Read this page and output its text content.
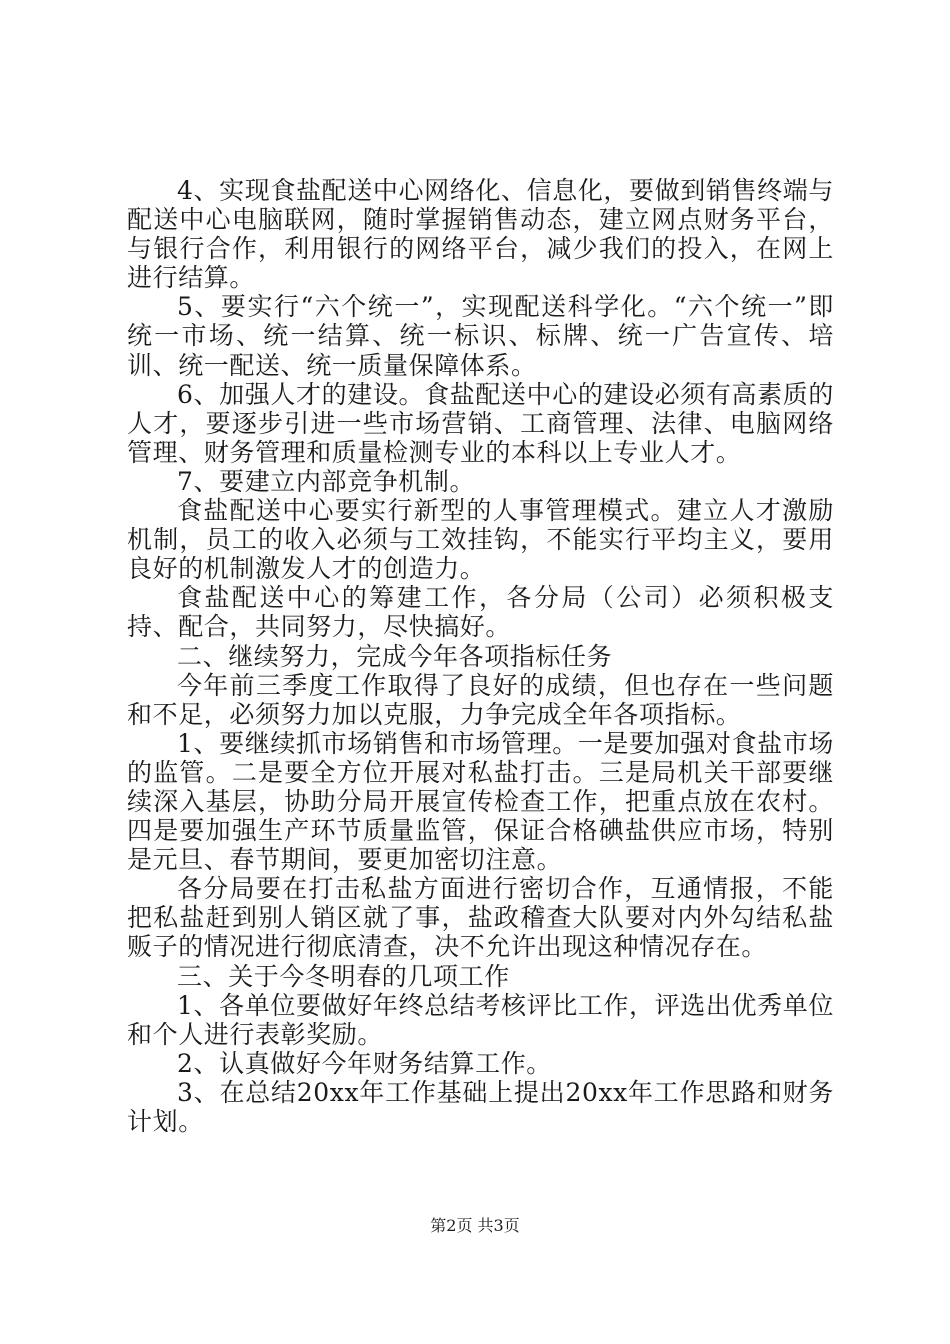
4、实现食盐配送中心网络化、信息化，要做到销售终端与配送中心电脑联网，随时掌握销售动态，建立网点财务平台，与银行合作，利用银行的网络平台，减少我们的投入，在网上进行结算。

5、要实行“六个统一”，实现配送科学化。“六个统一”即统一市场、统一结算、统一标识、标牌、统一广告宣传、培训、统一配送、统一质量保障体系。

6、加强人才的建设。食盐配送中心的建设必须有高素质的人才，要逐步引进一些市场营销、工商管理、法律、电脑网络管理、财务管理和质量检测专业的本科以上专业人才。

7、要建立内部竞争机制。

食盐配送中心要实行新型的人事管理模式。建立人才激励机制，员工的收入必须与工效挂钩，不能实行平均主义，要用良好的机制激发人才的创造力。

食盐配送中心的筹建工作，各分局（公司）必须积极支持、配合，共同努力，尽快搞好。

二、继续努力，完成今年各项指标任务

今年前三季度工作取得了良好的成绩，但也存在一些问题和不足，必须努力加以克服，力争完成全年各项指标。

1、要继续抓市场销售和市场管理。一是要加强对食盐市场的监管。二是要全方位开展对私盐打击。三是局机关干部要继续深入基层，协助分局开展宣传检查工作，把重点放在农村。四是要加强生产环节质量监管，保证合格碘盐供应市场，特别是元旦、春节期间，要更加密切注意。

各分局要在打击私盐方面进行密切合作，互通情报，不能把私盐赶到别人销区就了事，盐政稽查大队要对内外勾结私盐贩子的情况进行彻底清查，决不允许出现这种情况存在。

三、关于今冬明春的几项工作

1、各单位要做好年终总结考核评比工作，评选出优秀单位和个人进行表彰奖励。

2、认真做好今年财务结算工作。

3、在总结20xx年工作基础上提出20xx年工作思路和财务计划。

第2页 共3页
